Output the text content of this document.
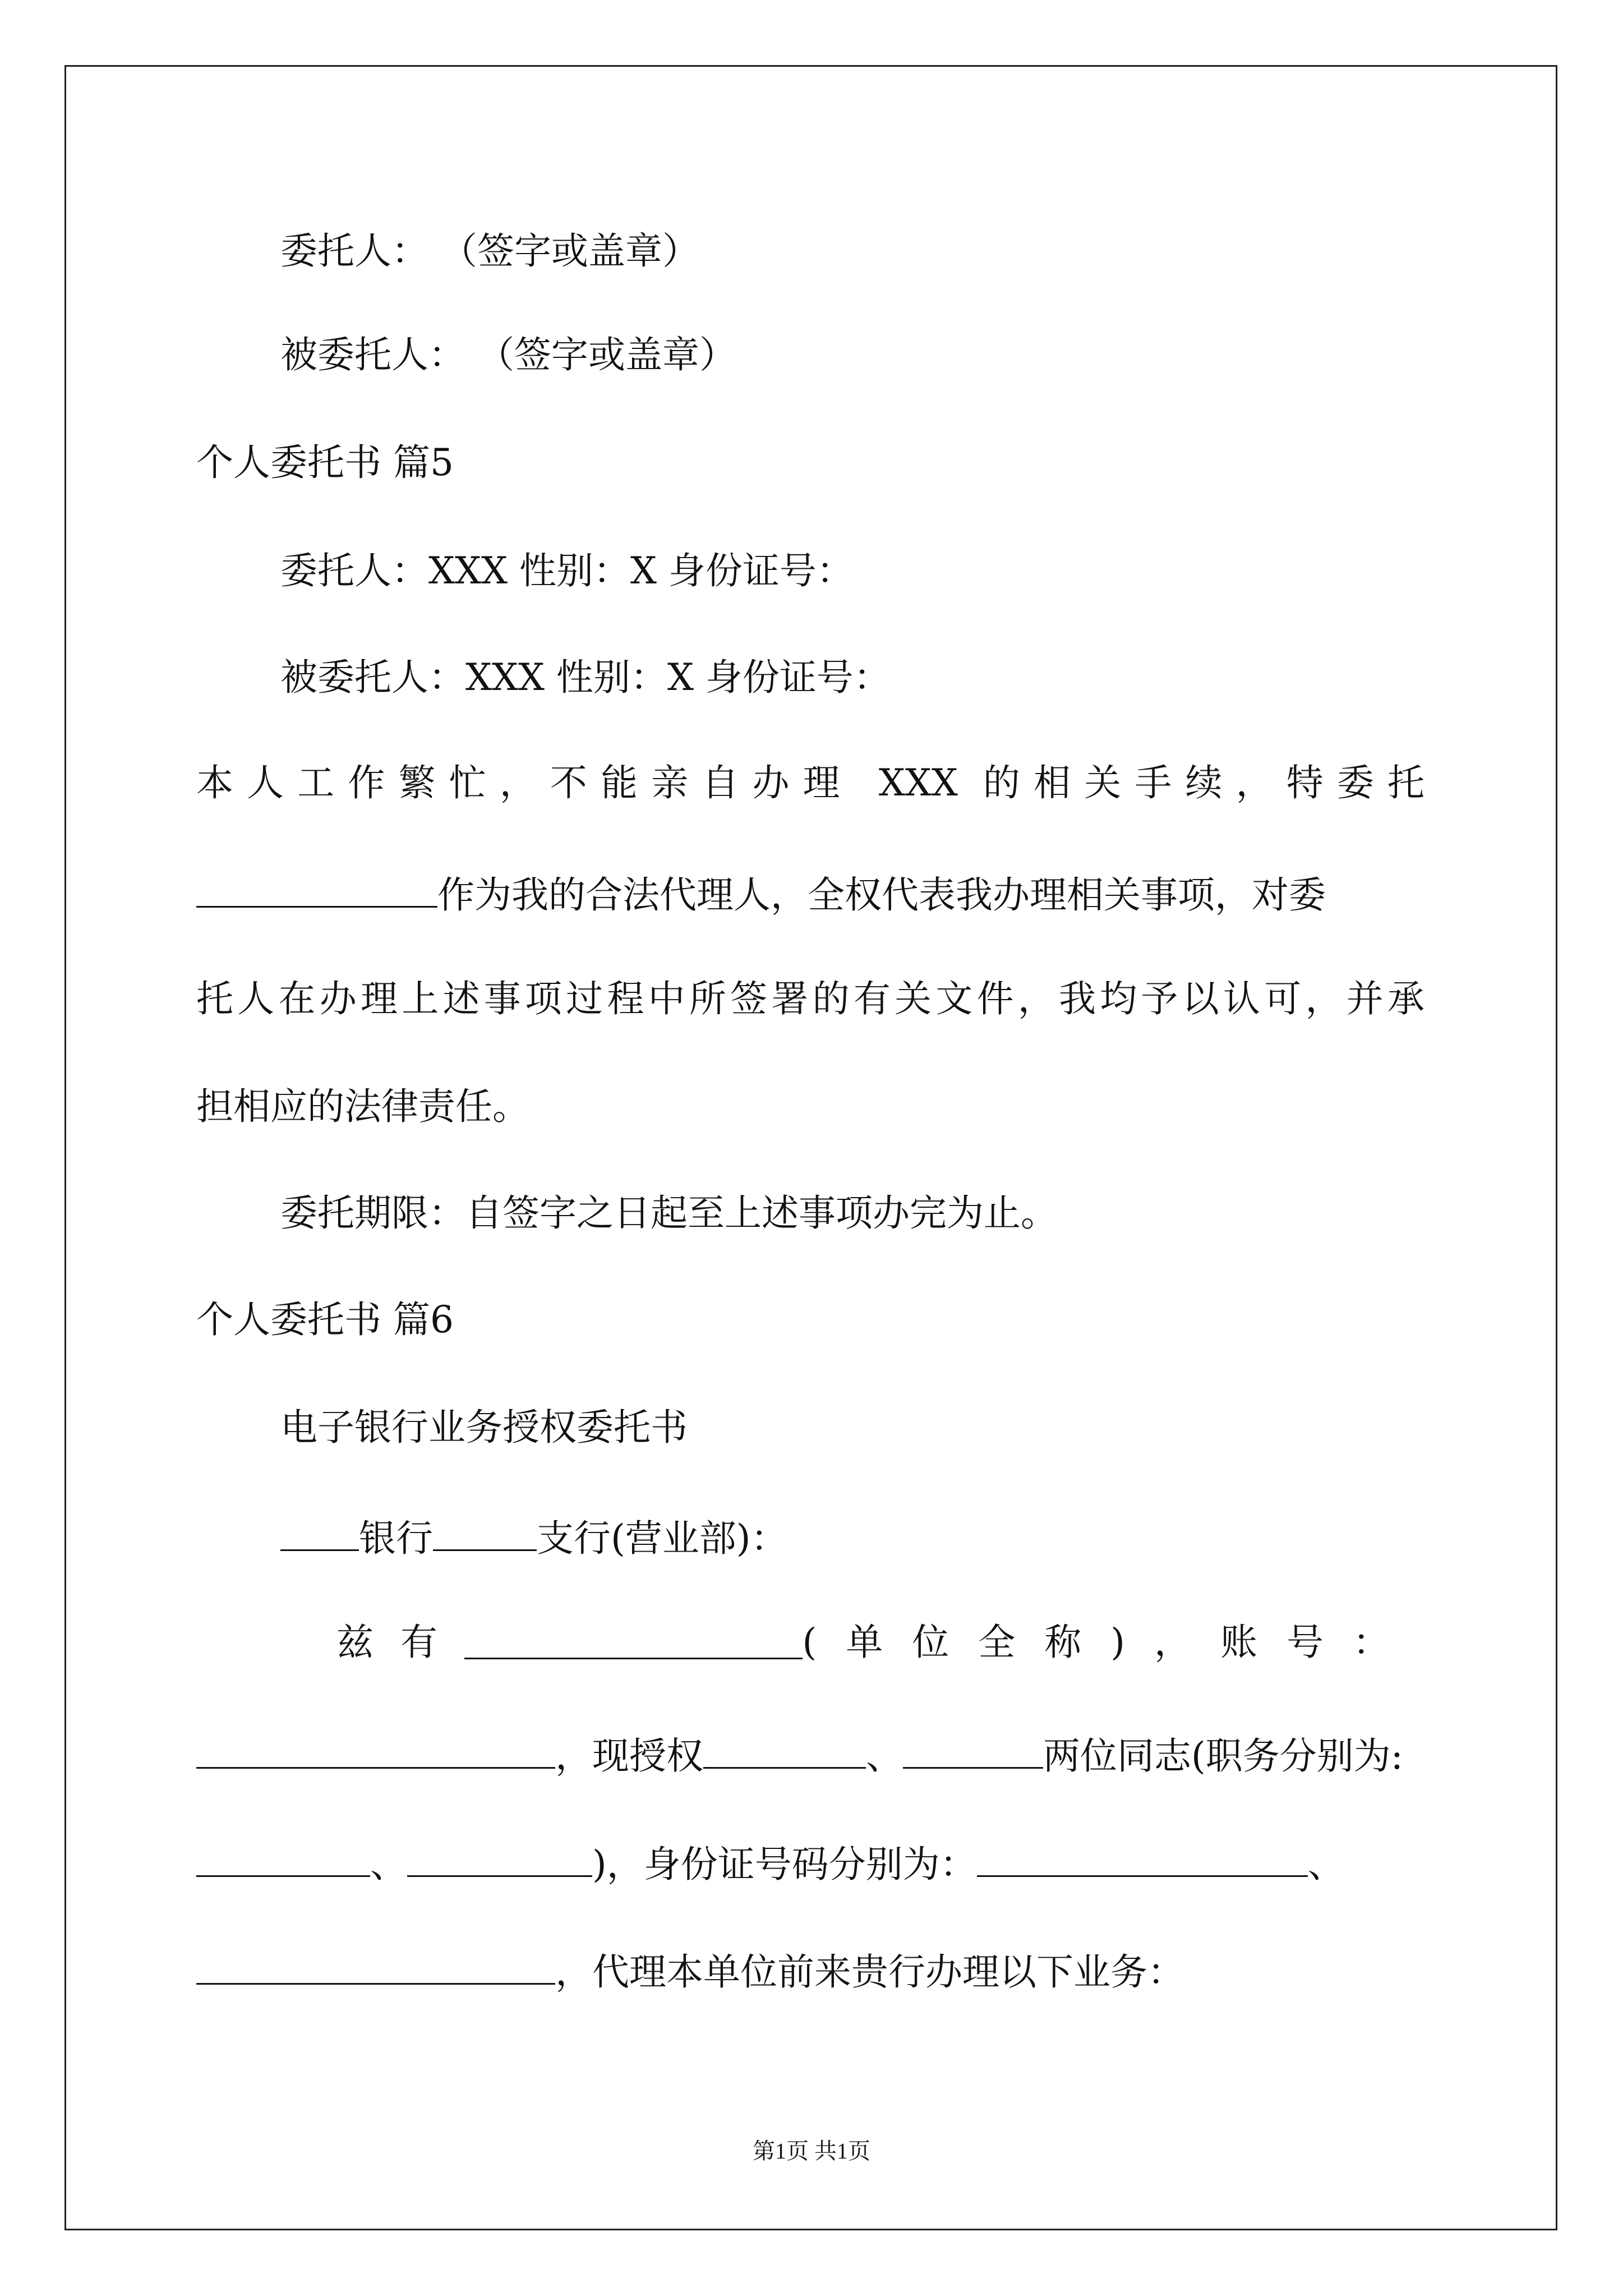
委托人： （签字或盖章）
被委托人： （签字或盖章）
个人委托书 篇5
委托人：XXX 性别：X 身份证号：
被委托人：XXX 性别：X 身份证号：
本人工作繁忙，不能亲自办理 XXX 的相关手续，特委托
作为我的合法代理人，全权代表我办理相关事项，对委
托人在办理上述事项过程中所签署的有关文件，我均予以认可，并承
担相应的法律责任。
委托期限：自签字之日起至上述事项办完为止。
个人委托书 篇6
电子银行业务授权委托书
银行	支行(营业部)：
兹有	(单位全称)，账号：
，现授权	、	两位同志(职务分别为:
、	)，身份证号码分别为：	、
，代理本单位前来贵行办理以下业务：
第1页 共1页
